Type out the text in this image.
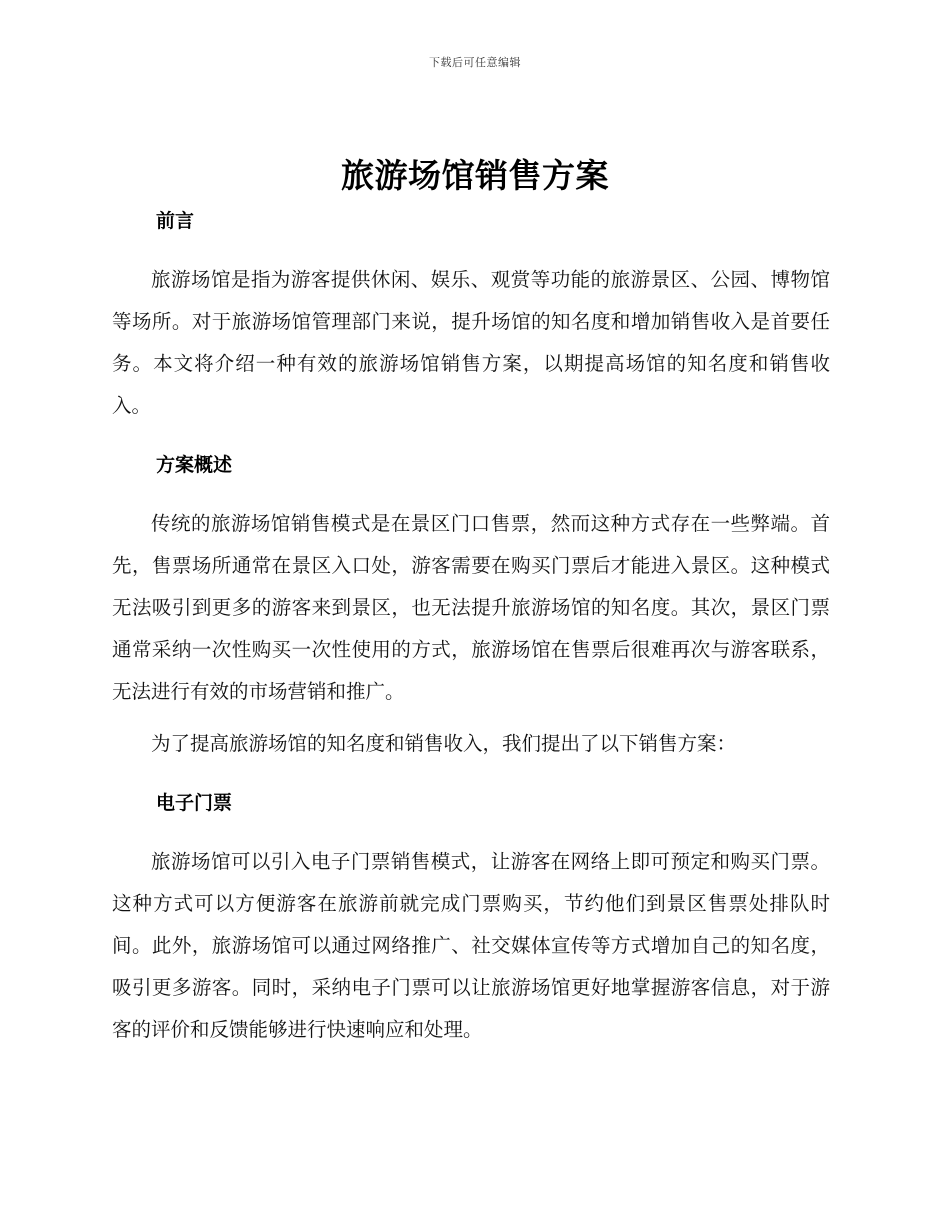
下载后可任意编辑
旅游场馆销售方案
前言

旅游场馆是指为游客提供休闲、娱乐、观赏等功能的旅游景区、公园、博物馆等场所。对于旅游场馆管理部门来说，提升场馆的知名度和增加销售收入是首要任务。本文将介绍一种有效的旅游场馆销售方案，以期提高场馆的知名度和销售收入。

方案概述

传统的旅游场馆销售模式是在景区门口售票，然而这种方式存在一些弊端。首先，售票场所通常在景区入口处，游客需要在购买门票后才能进入景区。这种模式无法吸引到更多的游客来到景区，也无法提升旅游场馆的知名度。其次，景区门票通常采纳一次性购买一次性使用的方式，旅游场馆在售票后很难再次与游客联系，无法进行有效的市场营销和推广。

为了提高旅游场馆的知名度和销售收入，我们提出了以下销售方案：

电子门票

旅游场馆可以引入电子门票销售模式，让游客在网络上即可预定和购买门票。这种方式可以方便游客在旅游前就完成门票购买，节约他们到景区售票处排队时间。此外，旅游场馆可以通过网络推广、社交媒体宣传等方式增加自己的知名度，吸引更多游客。同时，采纳电子门票可以让旅游场馆更好地掌握游客信息，对于游客的评价和反馈能够进行快速响应和处理。
